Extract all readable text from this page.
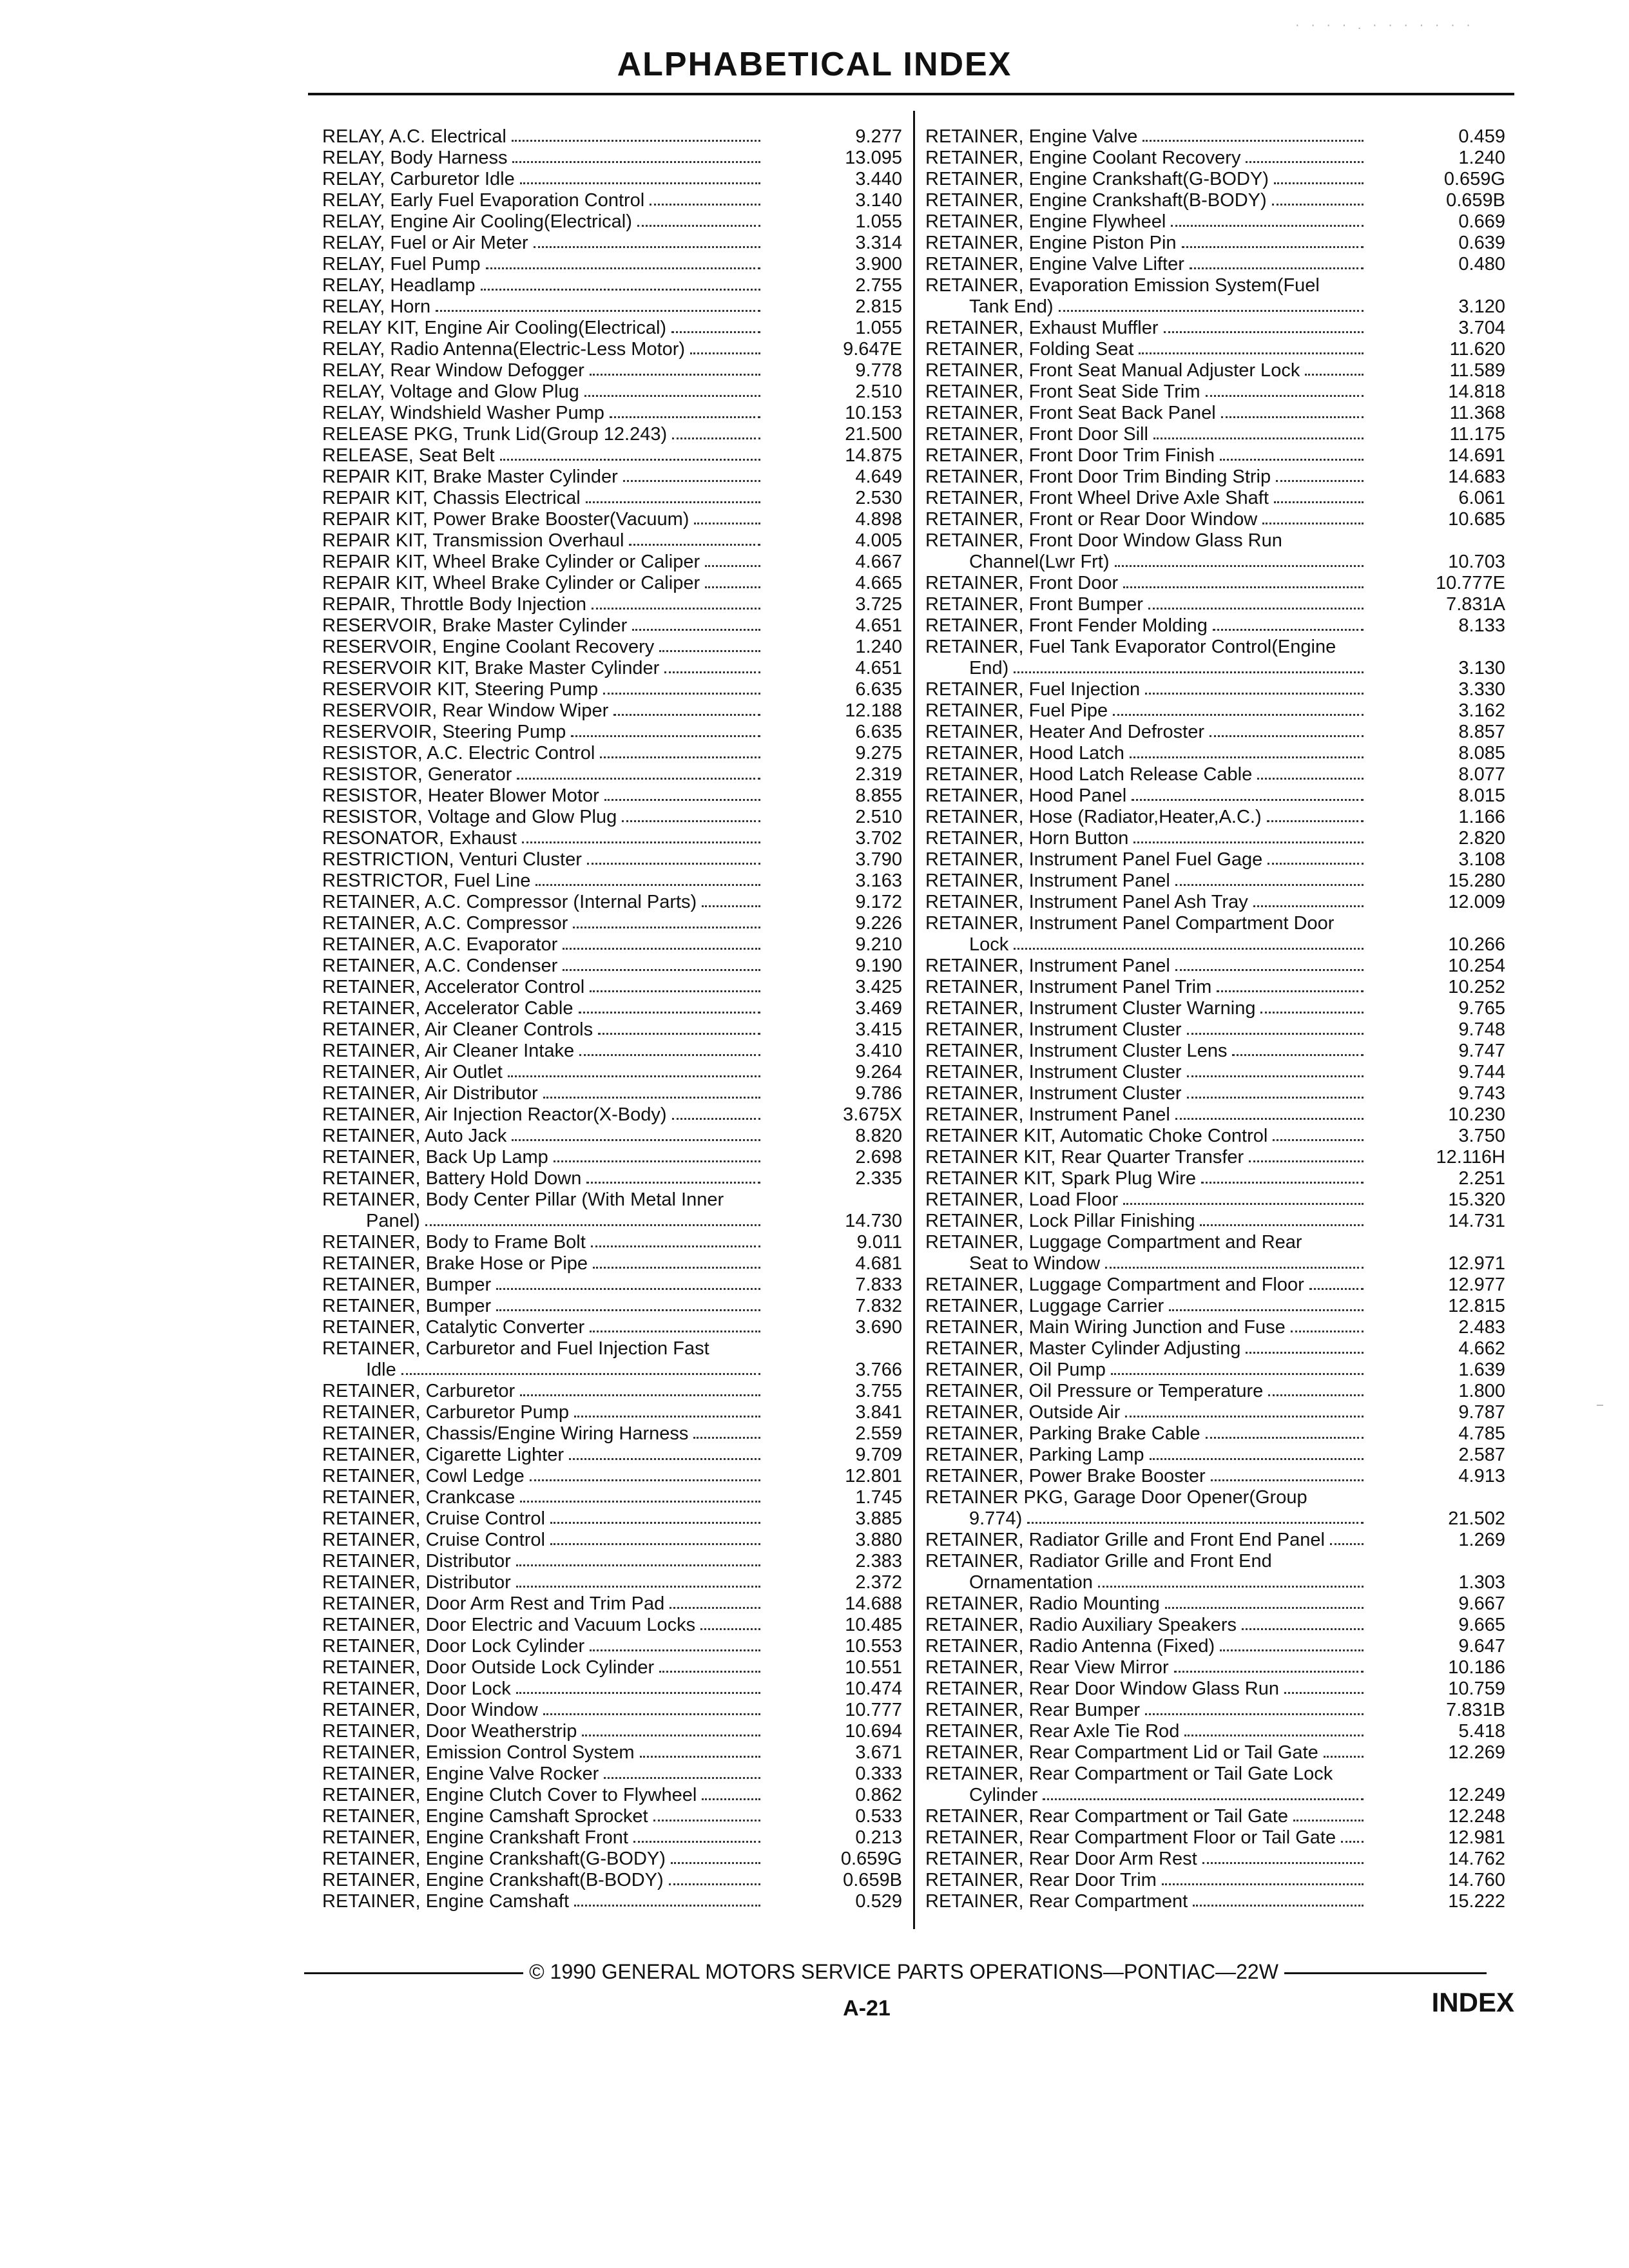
· · · · . · · · · · · ·
ALPHABETICAL INDEX
RELAY, A.C. Electrical	9.277
RELAY, Body Harness	13.095
RELAY, Carburetor Idle	3.440
RELAY, Early Fuel Evaporation Control	3.140
RELAY, Engine Air Cooling(Electrical)	1.055
RELAY, Fuel or Air Meter	3.314
RELAY, Fuel Pump	3.900
RELAY, Headlamp	2.755
RELAY, Horn	2.815
RELAY KIT, Engine Air Cooling(Electrical)	1.055
RELAY, Radio Antenna(Electric-Less Motor)	9.647E
RELAY, Rear Window Defogger	9.778
RELAY, Voltage and Glow Plug	2.510
RELAY, Windshield Washer Pump	10.153
RELEASE PKG, Trunk Lid(Group 12.243)	21.500
RELEASE, Seat Belt	14.875
REPAIR KIT, Brake Master Cylinder	4.649
REPAIR KIT, Chassis Electrical	2.530
REPAIR KIT, Power Brake Booster(Vacuum)	4.898
REPAIR KIT, Transmission Overhaul	4.005
REPAIR KIT, Wheel Brake Cylinder or Caliper	4.667
REPAIR KIT, Wheel Brake Cylinder or Caliper	4.665
REPAIR, Throttle Body Injection	3.725
RESERVOIR, Brake Master Cylinder	4.651
RESERVOIR, Engine Coolant Recovery	1.240
RESERVOIR KIT, Brake Master Cylinder	4.651
RESERVOIR KIT, Steering Pump	6.635
RESERVOIR, Rear Window Wiper	12.188
RESERVOIR, Steering Pump	6.635
RESISTOR, A.C. Electric Control	9.275
RESISTOR, Generator	2.319
RESISTOR, Heater Blower Motor	8.855
RESISTOR, Voltage and Glow Plug	2.510
RESONATOR, Exhaust	3.702
RESTRICTION, Venturi Cluster	3.790
RESTRICTOR, Fuel Line	3.163
RETAINER, A.C. Compressor (Internal Parts)	9.172
RETAINER, A.C. Compressor	9.226
RETAINER, A.C. Evaporator	9.210
RETAINER, A.C. Condenser	9.190
RETAINER, Accelerator Control	3.425
RETAINER, Accelerator Cable	3.469
RETAINER, Air Cleaner Controls	3.415
RETAINER, Air Cleaner Intake	3.410
RETAINER, Air Outlet	9.264
RETAINER, Air Distributor	9.786
RETAINER, Air Injection Reactor(X-Body)	3.675X
RETAINER, Auto Jack	8.820
RETAINER, Back Up Lamp	2.698
RETAINER, Battery Hold Down	2.335
RETAINER, Body Center Pillar (With Metal Inner
Panel)	14.730
RETAINER, Body to Frame Bolt	9.011
RETAINER, Brake Hose or Pipe	4.681
RETAINER, Bumper	7.833
RETAINER, Bumper	7.832
RETAINER, Catalytic Converter	3.690
RETAINER, Carburetor and Fuel Injection Fast
Idle	3.766
RETAINER, Carburetor	3.755
RETAINER, Carburetor Pump	3.841
RETAINER, Chassis/Engine Wiring Harness	2.559
RETAINER, Cigarette Lighter	9.709
RETAINER, Cowl Ledge	12.801
RETAINER, Crankcase	1.745
RETAINER, Cruise Control	3.885
RETAINER, Cruise Control	3.880
RETAINER, Distributor	2.383
RETAINER, Distributor	2.372
RETAINER, Door Arm Rest and Trim Pad	14.688
RETAINER, Door Electric and Vacuum Locks	10.485
RETAINER, Door Lock Cylinder	10.553
RETAINER, Door Outside Lock Cylinder	10.551
RETAINER, Door Lock	10.474
RETAINER, Door Window	10.777
RETAINER, Door Weatherstrip	10.694
RETAINER, Emission Control System	3.671
RETAINER, Engine Valve Rocker	0.333
RETAINER, Engine Clutch Cover to Flywheel	0.862
RETAINER, Engine Camshaft Sprocket	0.533
RETAINER, Engine Crankshaft Front	0.213
RETAINER, Engine Crankshaft(G-BODY)	0.659G
RETAINER, Engine Crankshaft(B-BODY)	0.659B
RETAINER, Engine Camshaft	0.529
RETAINER, Engine Valve	0.459
RETAINER, Engine Coolant Recovery	1.240
RETAINER, Engine Crankshaft(G-BODY)	0.659G
RETAINER, Engine Crankshaft(B-BODY)	0.659B
RETAINER, Engine Flywheel	0.669
RETAINER, Engine Piston Pin	0.639
RETAINER, Engine Valve Lifter	0.480
RETAINER, Evaporation Emission System(Fuel
Tank End)	3.120
RETAINER, Exhaust Muffler	3.704
RETAINER, Folding Seat	11.620
RETAINER, Front Seat Manual Adjuster Lock	11.589
RETAINER, Front Seat Side Trim	14.818
RETAINER, Front Seat Back Panel	11.368
RETAINER, Front Door Sill	11.175
RETAINER, Front Door Trim Finish	14.691
RETAINER, Front Door Trim Binding Strip	14.683
RETAINER, Front Wheel Drive Axle Shaft	6.061
RETAINER, Front or Rear Door Window	10.685
RETAINER, Front Door Window Glass Run
Channel(Lwr Frt)	10.703
RETAINER, Front Door	10.777E
RETAINER, Front Bumper	7.831A
RETAINER, Front Fender Molding	8.133
RETAINER, Fuel Tank Evaporator Control(Engine
End)	3.130
RETAINER, Fuel Injection	3.330
RETAINER, Fuel Pipe	3.162
RETAINER, Heater And Defroster	8.857
RETAINER, Hood Latch	8.085
RETAINER, Hood Latch Release Cable	8.077
RETAINER, Hood Panel	8.015
RETAINER, Hose (Radiator,Heater,A.C.)	1.166
RETAINER, Horn Button	2.820
RETAINER, Instrument Panel Fuel Gage	3.108
RETAINER, Instrument Panel	15.280
RETAINER, Instrument Panel Ash Tray	12.009
RETAINER, Instrument Panel Compartment Door
Lock	10.266
RETAINER, Instrument Panel	10.254
RETAINER, Instrument Panel Trim	10.252
RETAINER, Instrument Cluster Warning	9.765
RETAINER, Instrument Cluster	9.748
RETAINER, Instrument Cluster Lens	9.747
RETAINER, Instrument Cluster	9.744
RETAINER, Instrument Cluster	9.743
RETAINER, Instrument Panel	10.230
RETAINER KIT, Automatic Choke Control	3.750
RETAINER KIT, Rear Quarter Transfer	12.116H
RETAINER KIT, Spark Plug Wire	2.251
RETAINER, Load Floor	15.320
RETAINER, Lock Pillar Finishing	14.731
RETAINER, Luggage Compartment and Rear
Seat to Window	12.971
RETAINER, Luggage Compartment and Floor	12.977
RETAINER, Luggage Carrier	12.815
RETAINER, Main Wiring Junction and Fuse	2.483
RETAINER, Master Cylinder Adjusting	4.662
RETAINER, Oil Pump	1.639
RETAINER, Oil Pressure or Temperature	1.800
RETAINER, Outside Air	9.787
RETAINER, Parking Brake Cable	4.785
RETAINER, Parking Lamp	2.587
RETAINER, Power Brake Booster	4.913
RETAINER PKG, Garage Door Opener(Group
9.774)	21.502
RETAINER, Radiator Grille and Front End Panel	1.269
RETAINER, Radiator Grille and Front End
Ornamentation	1.303
RETAINER, Radio Mounting	9.667
RETAINER, Radio Auxiliary Speakers	9.665
RETAINER, Radio Antenna (Fixed)	9.647
RETAINER, Rear View Mirror	10.186
RETAINER, Rear Door Window Glass Run	10.759
RETAINER, Rear Bumper	7.831B
RETAINER, Rear Axle Tie Rod	5.418
RETAINER, Rear Compartment Lid or Tail Gate	12.269
RETAINER, Rear Compartment or Tail Gate Lock
Cylinder	12.249
RETAINER, Rear Compartment or Tail Gate	12.248
RETAINER, Rear Compartment Floor or Tail Gate	12.981
RETAINER, Rear Door Arm Rest	14.762
RETAINER, Rear Door Trim	14.760
RETAINER, Rear Compartment	15.222
© 1990 GENERAL MOTORS SERVICE PARTS OPERATIONS—PONTIAC—22W
A-21	INDEX
